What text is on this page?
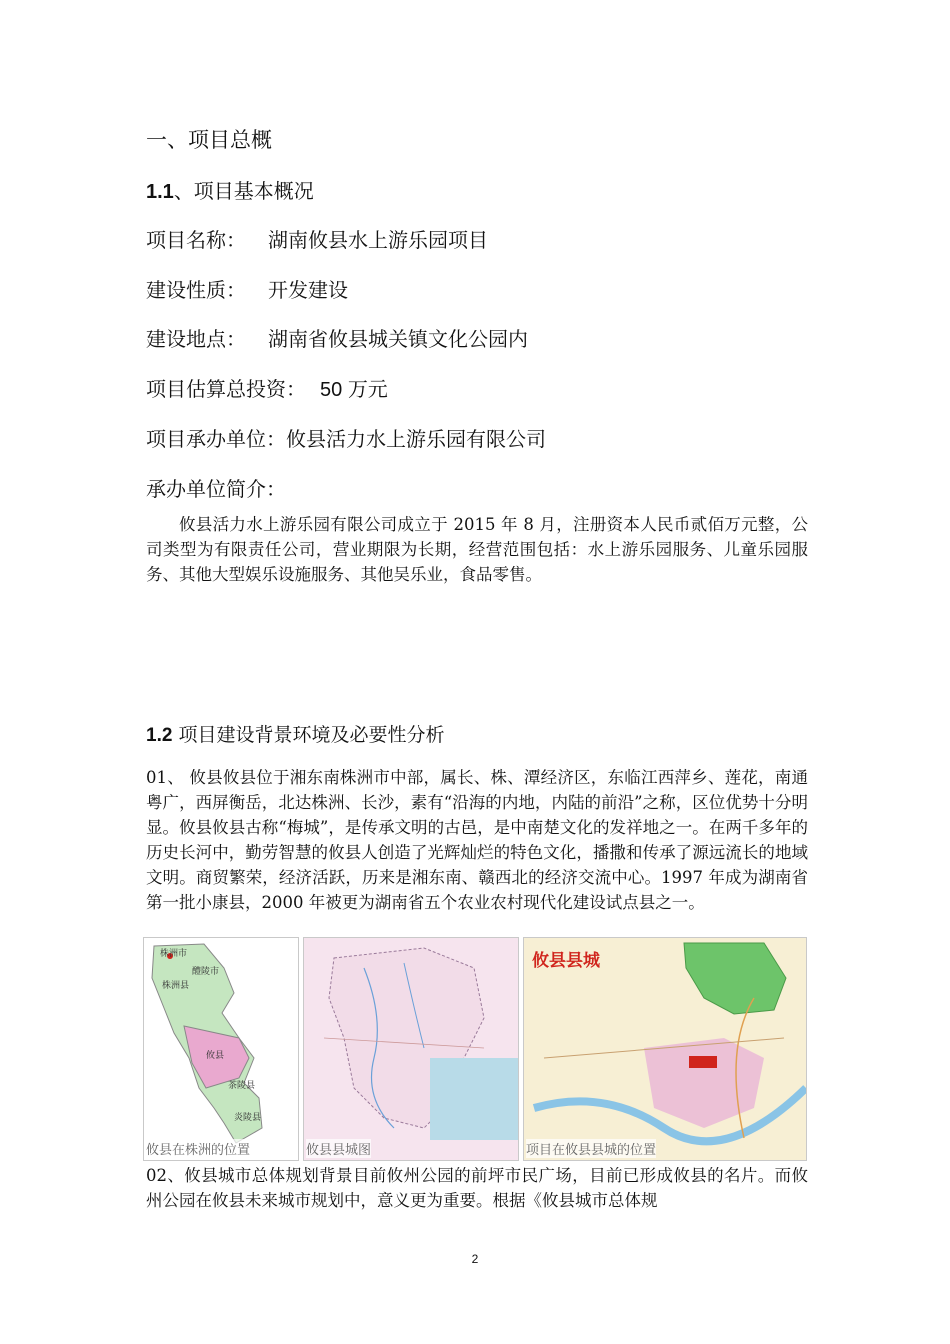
一、项目总概
1.1、项目基本概况
项目名称： 湖南攸县水上游乐园项目
建设性质： 开发建设
建设地点： 湖南省攸县城关镇文化公园内
项目估算总投资： 50 万元
项目承办单位：攸县活力水上游乐园有限公司
承办单位简介：

攸县活力水上游乐园有限公司成立于 2015 年 8 月，注册资本人民币贰佰万元整，公司类型为有限责任公司，营业期限为长期，经营范围包括：水上游乐园服务、儿童乐园服务、其他大型娱乐设施服务、其他吴乐业，食品零售。

1.2 项目建设背景环境及必要性分析

01、 攸县攸县位于湘东南株洲市中部，属长、株、潭经济区，东临江西萍乡、莲花，南通粤广，西屏衡岳，北达株洲、长沙，素有“沿海的内地，内陆的前沿”之称，区位优势十分明显。攸县攸县古称“梅城”，是传承文明的古邑，是中南楚文化的发祥地之一。在两千多年的历史长河中，勤劳智慧的攸县人创造了光辉灿烂的特色文化，播撒和传承了源远流长的地域文明。商贸繁荣，经济活跃，历来是湘东南、赣西北的经济交流中心。1997 年成为湖南省第一批小康县，2000 年被更为湖南省五个农业农村现代化建设试点县之一。

株洲市
醴陵市
株洲县
攸县
茶陵县
炎陵县
攸县在株洲的位置	攸县县城图
攸县县城
项目在攸县县城的位置

02、攸县城市总体规划背景目前攸州公园的前坪市民广场，目前已形成攸县的名片。而攸州公园在攸县未来城市规划中，意义更为重要。根据《攸县城市总体规

2
